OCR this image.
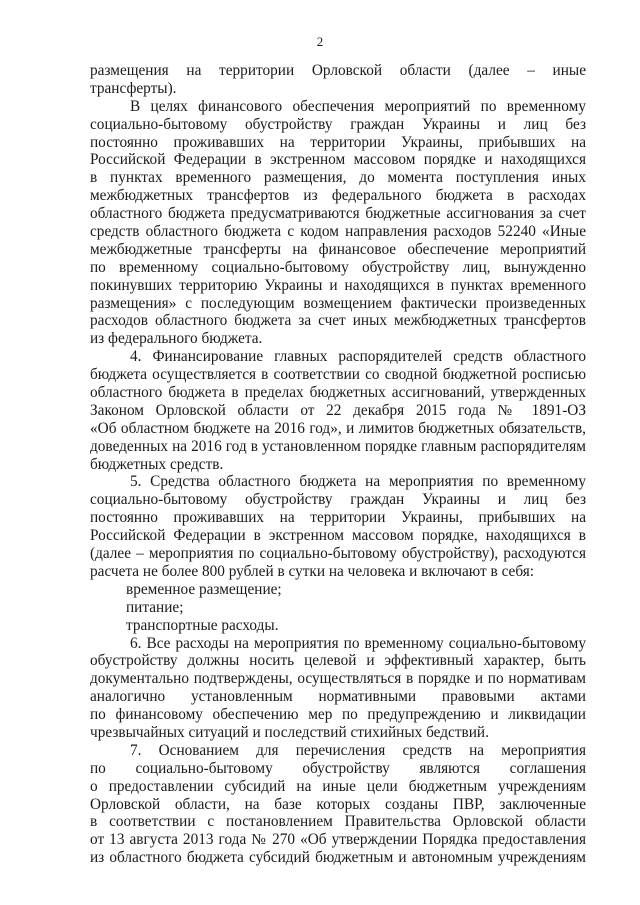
2
размещения на территории Орловской области (далее – иные
трансферты).
В целях финансового обеспечения мероприятий по временному
социально-бытовому обустройству граждан Украины и лиц без
постоянно проживавших на территории Украины, прибывших на
Российской Федерации в экстренном массовом порядке и находящихся
в пунктах временного размещения, до момента поступления иных
межбюджетных трансфертов из федерального бюджета в расходах
областного бюджета предусматриваются бюджетные ассигнования за счет
средств областного бюджета с кодом направления расходов 52240 «Иные
межбюджетные трансферты на финансовое обеспечение мероприятий
по временному социально-бытовому обустройству лиц, вынужденно
покинувших территорию Украины и находящихся в пунктах временного
размещения» с последующим возмещением фактически произведенных
расходов областного бюджета за счет иных межбюджетных трансфертов
из федерального бюджета.
4. Финансирование главных распорядителей средств областного
бюджета осуществляется в соответствии со сводной бюджетной росписью
областного бюджета в пределах бюджетных ассигнований, утвержденных
Законом Орловской области от 22 декабря 2015 года № 1891-ОЗ
«Об областном бюджете на 2016 год», и лимитов бюджетных обязательств,
доведенных на 2016 год в установленном порядке главным распорядителям
бюджетных средств.
5. Средства областного бюджета на мероприятия по временному
социально-бытовому обустройству граждан Украины и лиц без
постоянно проживавших на территории Украины, прибывших на
Российской Федерации в экстренном массовом порядке, находящихся в
(далее – мероприятия по социально-бытовому обустройству), расходуются
расчета не более 800 рублей в сутки на человека и включают в себя:
временное размещение;
питание;
транспортные расходы.
6. Все расходы на мероприятия по временному социально-бытовому
обустройству должны носить целевой и эффективный характер, быть
документально подтверждены, осуществляться в порядке и по нормативам
аналогично установленным нормативными правовыми актами
по финансовому обеспечению мер по предупреждению и ликвидации
чрезвычайных ситуаций и последствий стихийных бедствий.
7. Основанием для перечисления средств на мероприятия
по социально-бытовому обустройству являются соглашения
о предоставлении субсидий на иные цели бюджетным учреждениям
Орловской области, на базе которых созданы ПВР, заключенные
в соответствии с постановлением Правительства Орловской области
от 13 августа 2013 года № 270 «Об утверждении Порядка предоставления
из областного бюджета субсидий бюджетным и автономным учреждениям
